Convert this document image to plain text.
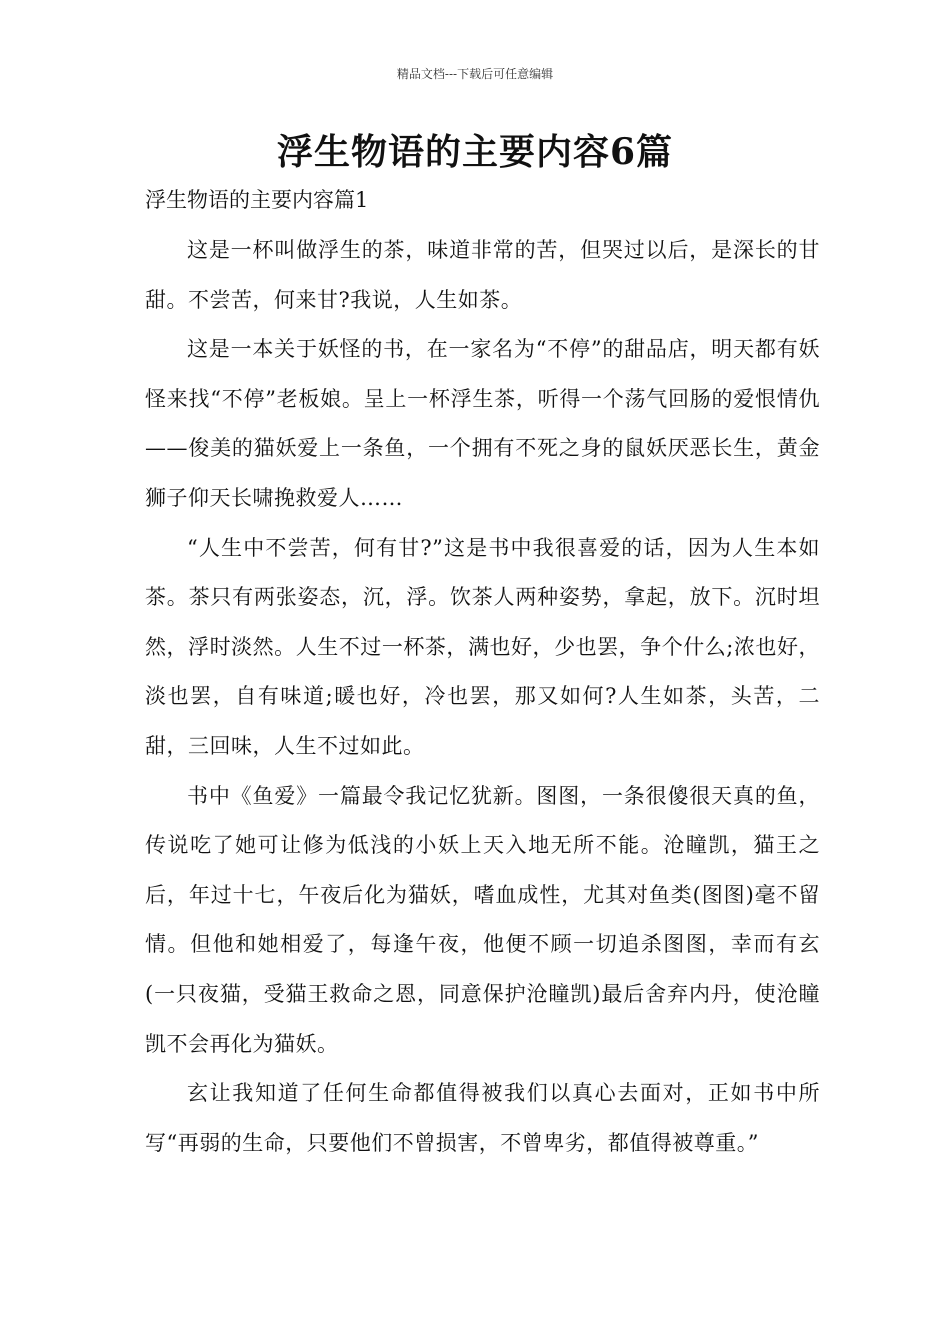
精品文档---下载后可任意编辑
浮生物语的主要内容6篇
浮生物语的主要内容篇1

这是一杯叫做浮生的茶，味道非常的苦，但哭过以后，是深长的甘甜。不尝苦，何来甘?我说，人生如茶。

这是一本关于妖怪的书，在一家名为“不停”的甜品店，明天都有妖怪来找“不停”老板娘。呈上一杯浮生茶，听得一个荡气回肠的爱恨情仇——俊美的猫妖爱上一条鱼，一个拥有不死之身的鼠妖厌恶长生，黄金狮子仰天长啸挽救爱人……

“人生中不尝苦，何有甘?”这是书中我很喜爱的话，因为人生本如茶。茶只有两张姿态，沉，浮。饮茶人两种姿势，拿起，放下。沉时坦然，浮时淡然。人生不过一杯茶，满也好，少也罢，争个什么;浓也好，淡也罢，自有味道;暖也好，冷也罢，那又如何?人生如茶，头苦，二甜，三回味，人生不过如此。

书中《鱼爱》一篇最令我记忆犹新。图图，一条很傻很天真的鱼，传说吃了她可让修为低浅的小妖上天入地无所不能。沧瞳凯，猫王之后，年过十七，午夜后化为猫妖，嗜血成性，尤其对鱼类(图图)毫不留情。但他和她相爱了，每逢午夜，他便不顾一切追杀图图，幸而有玄(一只夜猫，受猫王救命之恩，同意保护沧瞳凯)最后舍弃内丹，使沧瞳凯不会再化为猫妖。

玄让我知道了任何生命都值得被我们以真心去面对，正如书中所写“再弱的生命，只要他们不曾损害，不曾卑劣，都值得被尊重。”
